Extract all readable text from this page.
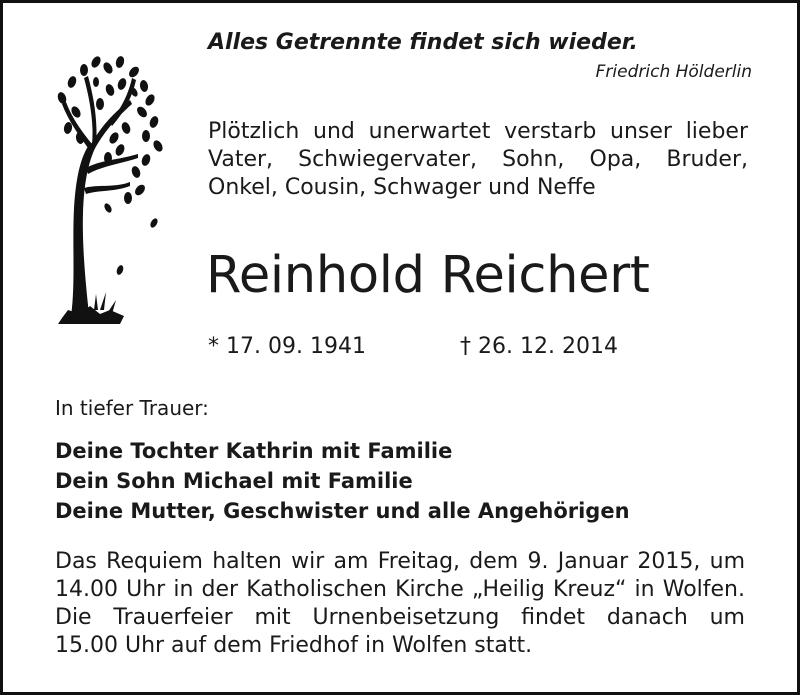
Alles Getrennte findet sich wieder.
Friedrich Hölderlin
Plötzlich und unerwartet verstarb unser lieber
Vater, Schwiegervater, Sohn, Opa, Bruder,
Onkel, Cousin, Schwager und Neffe
Reinhold Reichert
* 17. 09. 1941	† 26. 12. 2014
In tiefer Trauer:
Deine Tochter Kathrin mit Familie
Dein Sohn Michael mit Familie
Deine Mutter, Geschwister und alle Angehörigen
Das Requiem halten wir am Freitag, dem 9. Januar 2015, um
14.00 Uhr in der Katholischen Kirche „Heilig Kreuz“ in Wolfen.
Die Trauerfeier mit Urnenbeisetzung findet danach um
15.00 Uhr auf dem Friedhof in Wolfen statt.
